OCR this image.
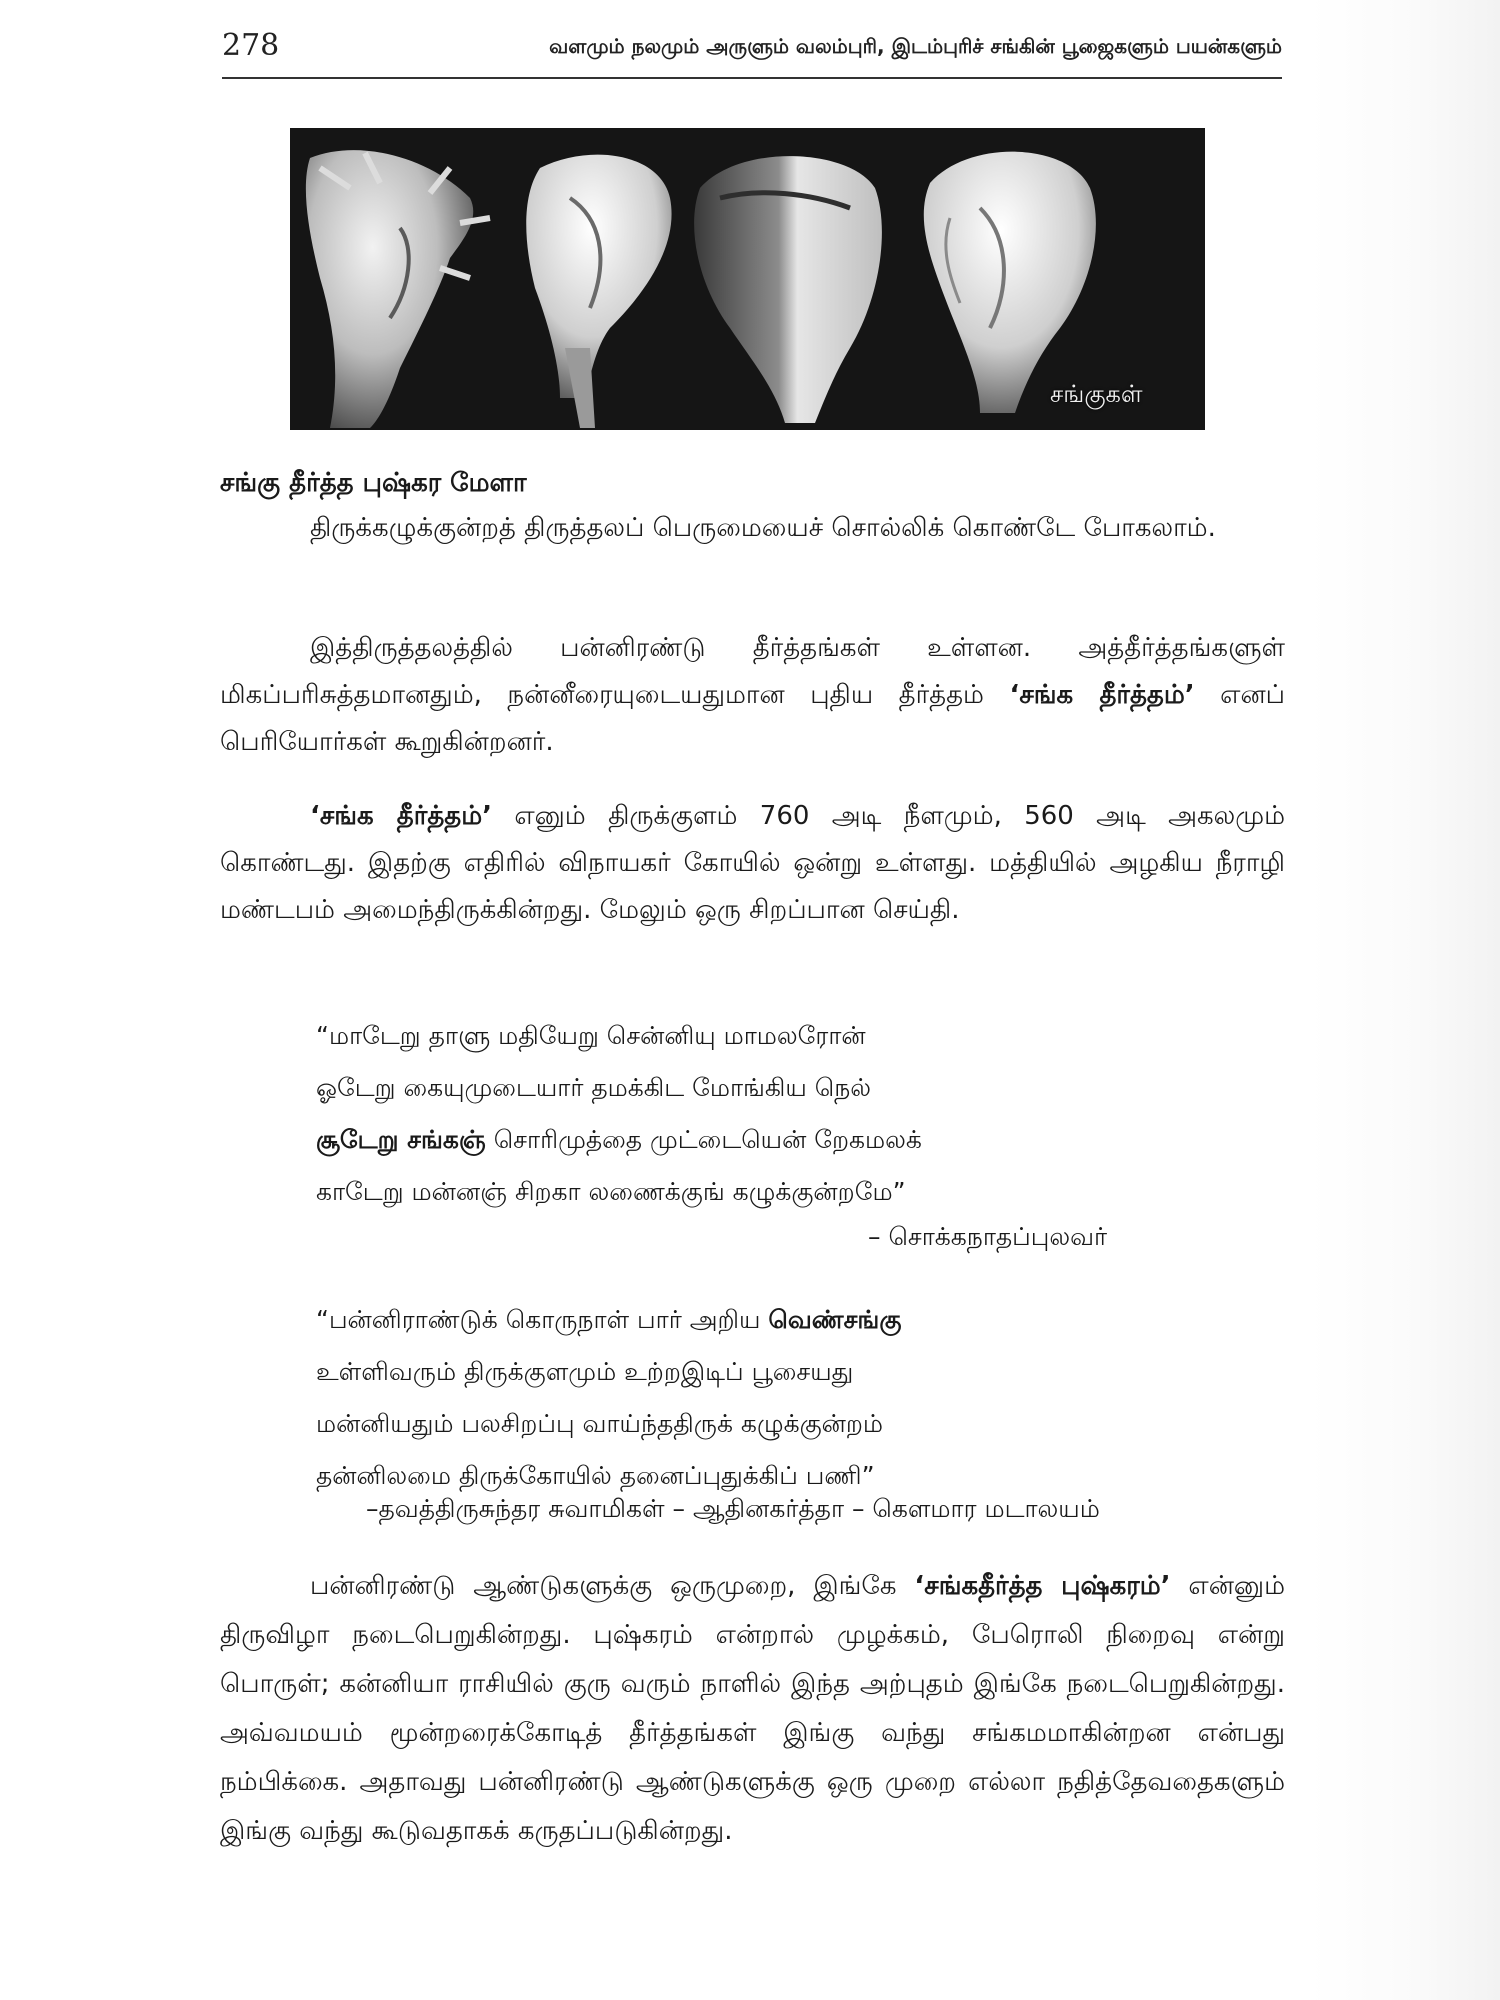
278	வளமும் நலமும் அருளும் வலம்புரி, இடம்புரிச் சங்கின் பூஜைகளும் பயன்களும்
சங்குகள்
சங்கு தீர்த்த புஷ்கர மேளா
திருக்கழுக்குன்றத் திருத்தலப் பெருமையைச் சொல்லிக் கொண்டே போகலாம்.
இத்திருத்தலத்தில் பன்னிரண்டு தீர்த்தங்கள் உள்ளன. அத்தீர்த்தங்களுள் மிகப்பரிசுத்தமானதும், நன்னீரையுடையதுமான புதிய தீர்த்தம் ‘சங்க தீர்த்தம்’ எனப் பெரியோர்கள் கூறுகின்றனர்.
‘சங்க தீர்த்தம்’ எனும் திருக்குளம் 760 அடி நீளமும், 560 அடி அகலமும் கொண்டது. இதற்கு எதிரில் விநாயகர் கோயில் ஒன்று உள்ளது. மத்தியில் அழகிய நீராழி மண்டபம் அமைந்திருக்கின்றது. மேலும் ஒரு சிறப்பான செய்தி.
“மாடேறு தாளு மதியேறு சென்னியு மாமலரோன்
ஓடேறு கையுமுடையார் தமக்கிட மோங்கிய நெல்
சூடேறு சங்கஞ் சொரிமுத்தை முட்டையென் றேகமலக்
காடேறு மன்னஞ் சிறகா லணைக்குங் கழுக்குன்றமே”
– சொக்கநாதப்புலவர்
“பன்னிராண்டுக் கொருநாள் பார் அறிய வெண்சங்கு
உள்ளிவரும் திருக்குளமும் உற்றஇடிப் பூசையது
மன்னியதும் பலசிறப்பு வாய்ந்ததிருக் கழுக்குன்றம்
தன்னிலமை திருக்கோயில் தனைப்புதுக்கிப் பணி”
–தவத்திருசுந்தர சுவாமிகள் – ஆதினகர்த்தா – கௌமார மடாலயம்
பன்னிரண்டு ஆண்டுகளுக்கு ஒருமுறை, இங்கே ‘சங்கதீர்த்த புஷ்கரம்’ என்னும் திருவிழா நடைபெறுகின்றது. புஷ்கரம் என்றால் முழக்கம், பேரொலி நிறைவு என்று பொருள்; கன்னியா ராசியில் குரு வரும் நாளில் இந்த அற்புதம் இங்கே நடைபெறுகின்றது. அவ்வமயம் மூன்றரைக்கோடித் தீர்த்தங்கள் இங்கு வந்து சங்கமமாகின்றன என்பது நம்பிக்கை. அதாவது பன்னிரண்டு ஆண்டுகளுக்கு ஒரு முறை எல்லா நதித்தேவதைகளும் இங்கு வந்து கூடுவதாகக் கருதப்படுகின்றது.
